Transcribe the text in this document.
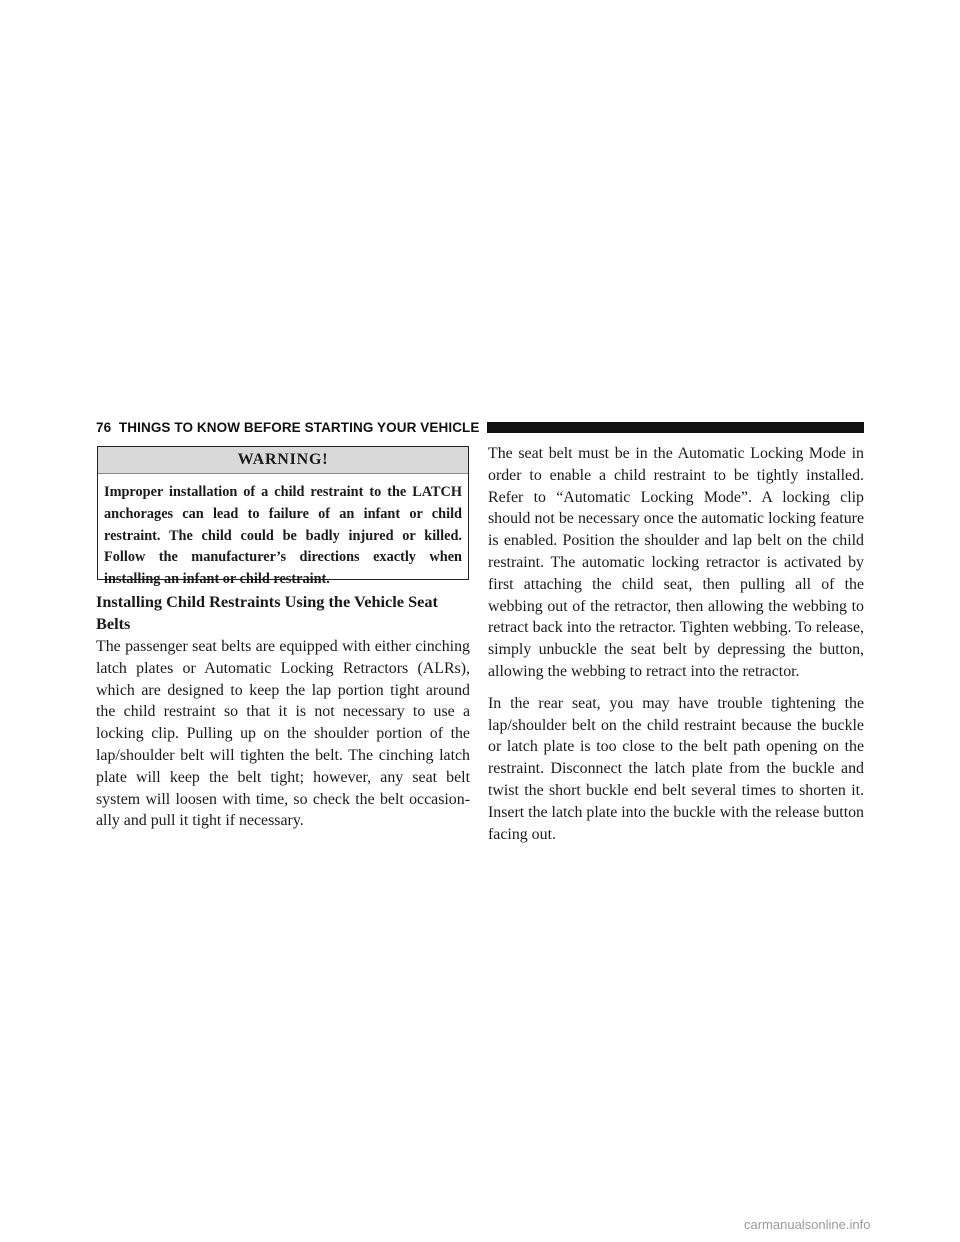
76 THINGS TO KNOW BEFORE STARTING YOUR VEHICLE
WARNING!
Improper installation of a child restraint to the LATCH anchorages can lead to failure of an infant or child restraint. The child could be badly injured or killed. Follow the manufacturer’s directions exactly when installing an infant or child restraint.
Installing Child Restraints Using the Vehicle Seat Belts

The passenger seat belts are equipped with either cinching latch plates or Automatic Locking Retractors (ALRs), which are designed to keep the lap portion tight around the child restraint so that it is not necessary to use a locking clip. Pulling up on the shoulder portion of the lap/shoulder belt will tighten the belt. The cinching latch plate will keep the belt tight; however, any seat belt system will loosen with time, so check the belt occasionally and pull it tight if necessary.

The seat belt must be in the Automatic Locking Mode in order to enable a child restraint to be tightly installed. Refer to “Automatic Locking Mode”. A locking clip should not be necessary once the automatic locking feature is enabled. Position the shoulder and lap belt on the child restraint. The automatic locking retractor is activated by first attaching the child seat, then pulling all of the webbing out of the retractor, then allowing the webbing to retract back into the retractor. Tighten webbing. To release, simply unbuckle the seat belt by depressing the button, allowing the webbing to retract into the retractor.

In the rear seat, you may have trouble tightening the lap/shoulder belt on the child restraint because the buckle or latch plate is too close to the belt path opening on the restraint. Disconnect the latch plate from the buckle and twist the short buckle end belt several times to shorten it. Insert the latch plate into the buckle with the release button facing out.

carmanualsonline.info
